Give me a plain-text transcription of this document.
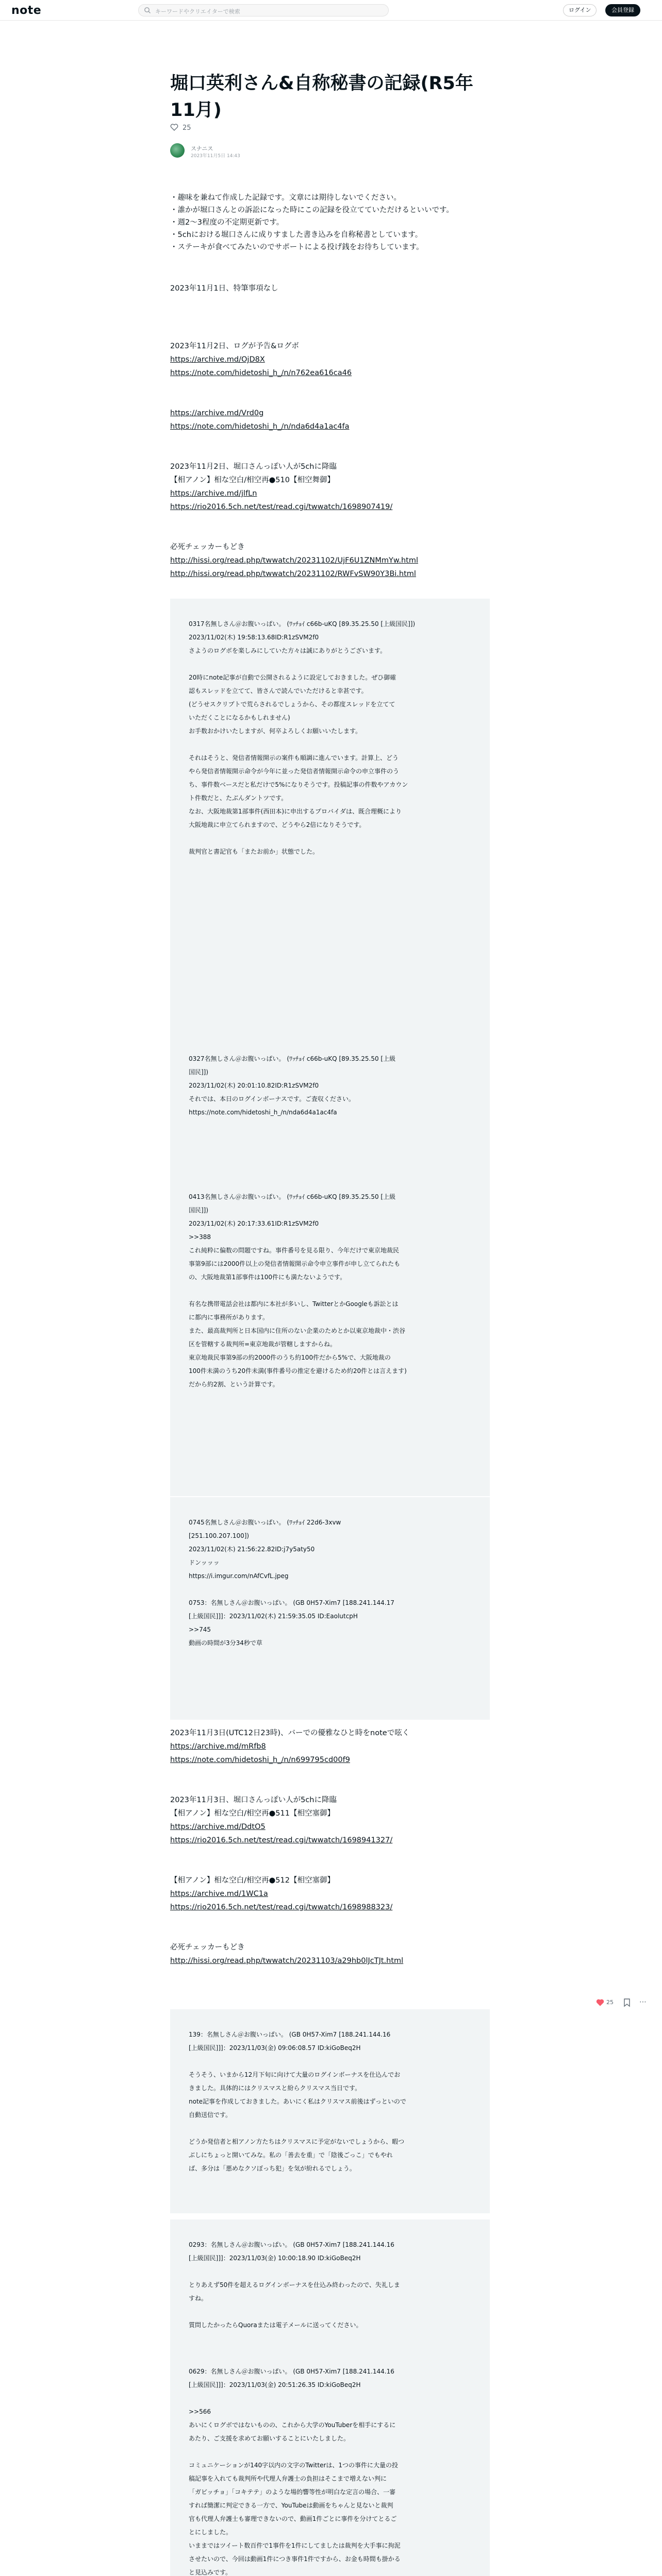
note	キーワードやクリエイターで検索	ログイン	会員登録
堀口英利さん&自称秘書の記録(R5年11月)
25
スナニス
2023年11月5日 14:43
・趣味を兼ねて作成した記録です。文章には期待しないでください。
・誰かが堀口さんとの訴訟になった時にこの記録を役立てていただけるといいです。
・週2〜3程度の不定期更新です。
・5chにおける堀口さんに成りすました書き込みを自称秘書としています。
・ステーキが食べてみたいのでサポートによる投げ銭をお待ちしています。
2023年11月1日、特筆事項なし
2023年11月2日、ログが予告&ログボ
https://archive.md/OjD8X
https://note.com/hidetoshi_h_/n/n762ea616ca46
https://archive.md/Vrd0g
https://note.com/hidetoshi_h_/n/nda6d4a1ac4fa
2023年11月2日、堀口さんっぽい人が5chに降臨
【相アノン】相な空白/相空再●510【相空舞御】
https://archive.md/jlfLn
https://rio2016.5ch.net/test/read.cgi/twwatch/1698907419/
必死チェッカーもどき
http://hissi.org/read.php/twwatch/20231102/UjF6U1ZNMmYw.html
http://hissi.org/read.php/twwatch/20231102/RWFvSW90Y3Bi.html
0317名無しさん＠お腹いっぱい。 (ﾜｯﾁｮｲ c66b-uKQ [89.35.25.50 [上級国民]])
2023/11/02(木) 19:58:13.68ID:R1zSVM2f0
さようのログボを楽しみにしていた方々は誠にありがとうございます。
20時にnote記事が自動で公開されるように設定しておきました。ぜひ御確
認もスレッドを立てて、皆さんで読んでいただけると幸甚です。
(どうせスクリプトで荒らされるでしょうから、その都度スレッドを立てて
いただくことになるかもしれません)
お手数おかけいたしますが、何卒よろしくお願いいたします。
それはそうと、発信者情報開示の案件も順調に進んでいます。計算上、どう
やら発信者情報開示命令が今年に並った発信者情報開示命令の申立事件のう
ち、事件数ベースだと私だけで5%になりそうです。投稿記事の件数やアカウン
ト件数だと、たぶんダントツです。
なお、大阪地裁第1部事件(西田本)に申出するプロバイダは、既合理概により
大阪地裁に申立てられますので、どうやら2倍になりそうです。
裁判官と書記官も「またお前か」状態でした。
0327名無しさん＠お腹いっぱい。 (ﾜｯﾁｮｲ c66b-uKQ [89.35.25.50 [上級
国民]])
2023/11/02(木) 20:01:10.82ID:R1zSVM2f0
それでは、本日のログインボーナスです。ご査収ください。
https://note.com/hidetoshi_h_/n/nda6d4a1ac4fa
0413名無しさん＠お腹いっぱい。 (ﾜｯﾁｮｲ c66b-uKQ [89.35.25.50 [上級
国民]])
2023/11/02(木) 20:17:33.61ID:R1zSVM2f0
>>388
これ純粋に偏数の問題ですね。事件番号を見る限り、今年だけで東京地裁民
事第9部には2000件以上の発信者情報開示命令申立事件が申し立てられたも
の、大阪地裁第1部事件は100件にも満たないようです。
有名な携帯電話会社は都内に本社が多いし、TwitterとかGoogleも訴訟とは
に都内に事務所があります。
また、最高裁判所と日本国内に住所のない企業のためとか以東京地裁中・渋谷
区を管轄する裁判所=東京地裁が管轄しますからね。
東京地裁民事第9部の約2000件のうち約100件だから5%で、大阪地裁の
100件未満のうち20件未満(事件番号の推定を避けるため約20件とは言えます)
だから約2割、という計算です。
0745名無しさん＠お腹いっぱい。 (ﾜｯﾁｮｲ 22d6-3xvw
[251.100.207.100])
2023/11/02(木) 21:56:22.82ID:j7y5aty50
ドンッッッ
https://i.imgur.com/nAfCvfL.jpeg
0753：名無しさん＠お腹いっぱい。 (GB 0H57-Xim7 [188.241.144.17
[上級国民]]]：2023/11/02(木) 21:59:35.05 ID:EaolutcpH
>>745
動画の時間が3分34秒で草
2023年11月3日(UTC12日23時)、バーでの優雅なひと時をnoteで呟く
https://archive.md/mRfb8
https://note.com/hidetoshi_h_/n/n699795cd00f9
2023年11月3日、堀口さんっぽい人が5chに降臨
【相アノン】相な空白/相空再●511【相空塞御】
https://archive.md/DdtO5
https://rio2016.5ch.net/test/read.cgi/twwatch/1698941327/
【相アノン】相な空白/相空再●512【相空塞御】
https://archive.md/1WC1a
https://rio2016.5ch.net/test/read.cgi/twwatch/1698988323/
必死チェッカーもどき
http://hissi.org/read.php/twwatch/20231103/a29hb0lJcTJt.html
139：名無しさん＠お腹いっぱい。 (GB 0H57-Xim7 [188.241.144.16
[上級国民]]]：2023/11/03(金) 09:06:08.57 ID:kiGoBeq2H
そうそう、いまから12月下旬に向けて大量のログインボーナスを仕込んでお
きました。具体的にはクリスマスと紛らクリスマス当日です。
note記事を作成しておきました。あいにく私はクリスマス前後はずっといので
自動送信です。
どうか発信者と相アノン方たちはクリスマスに予定がないでしょうから、暇つ
ぶしにちょっと開いてみな。私の「善去を重」で「陰後ごっこ」でもやれ
ば、多分は「悪めなクソぼっち犯」を気が紛れるでしょう。
0293：名無しさん＠お腹いっぱい。 (GB 0H57-Xim7 [188.241.144.16
[上級国民]]]：2023/11/03(金) 10:00:18.90 ID:kiGoBeq2H
とりあえず50件を超えるログインボーナスを仕込み終わったので、失礼しま
すね。
質問したかったらQuoraまたは電子メールに送ってください。
0629：名無しさん＠お腹いっぱい。 (GB 0H57-Xim7 [188.241.144.16
[上級国民]]]：2023/11/03(金) 20:51:26.35 ID:kiGoBeq2H
>>566
あいにくログボではないものの、これから大学のYouTuberを相手にするに
あたり、ご支援を求めてお願いすることにいたしました。
コミュニケーションが140字以内の文字のTwitterは、1つの事件に大量の投
稿記事を入れても裁判所や代理人弁護士の負担はそこまで増えない判に
「ガビッチョ」「コキテテ」のような場的響等性が明白な定言の場合、一審
すれば簡潔に判定できる一方で、YouTubeは動画をちゃんと見ないと裁判
官も代理人弁護士も審理できないので、動画1件ごとに事件を分けてとるご
とにしました。
いままではツイート数百件で1事件を1件にしてましたは裁判を大手事に拘泥
させたいので、今回は動画1件につき事件1件ですから、お金も時間も掛かる
と見込みです。
25	⋯
